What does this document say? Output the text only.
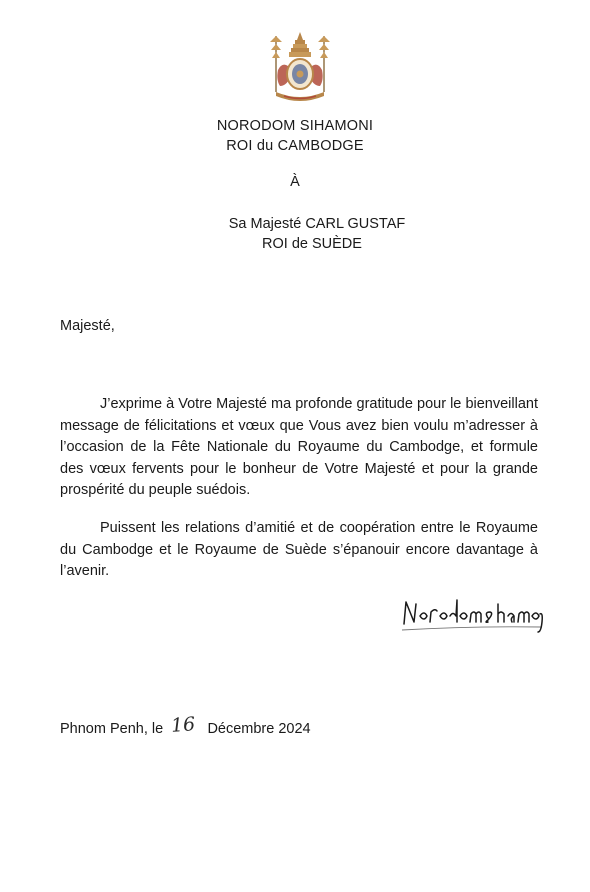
NORODOM SIHAMONI
ROI du CAMBODGE
À
Sa Majesté CARL GUSTAF
ROI de SUÈDE
Majesté,

J’exprime à Votre Majesté ma profonde gratitude pour le bienveillant message de félicitations et vœux que Vous avez bien voulu m’adresser à l’occasion de la Fête Nationale du Royaume du Cambodge, et formule des vœux fervents pour le bonheur de Votre Majesté et pour la grande prospérité du peuple suédois.

Puissent les relations d’amitié et de coopération entre le Royaume du Cambodge et le Royaume de Suède s’épanouir encore davantage à l’avenir.

Phnom Penh, le 16 Décembre 2024
